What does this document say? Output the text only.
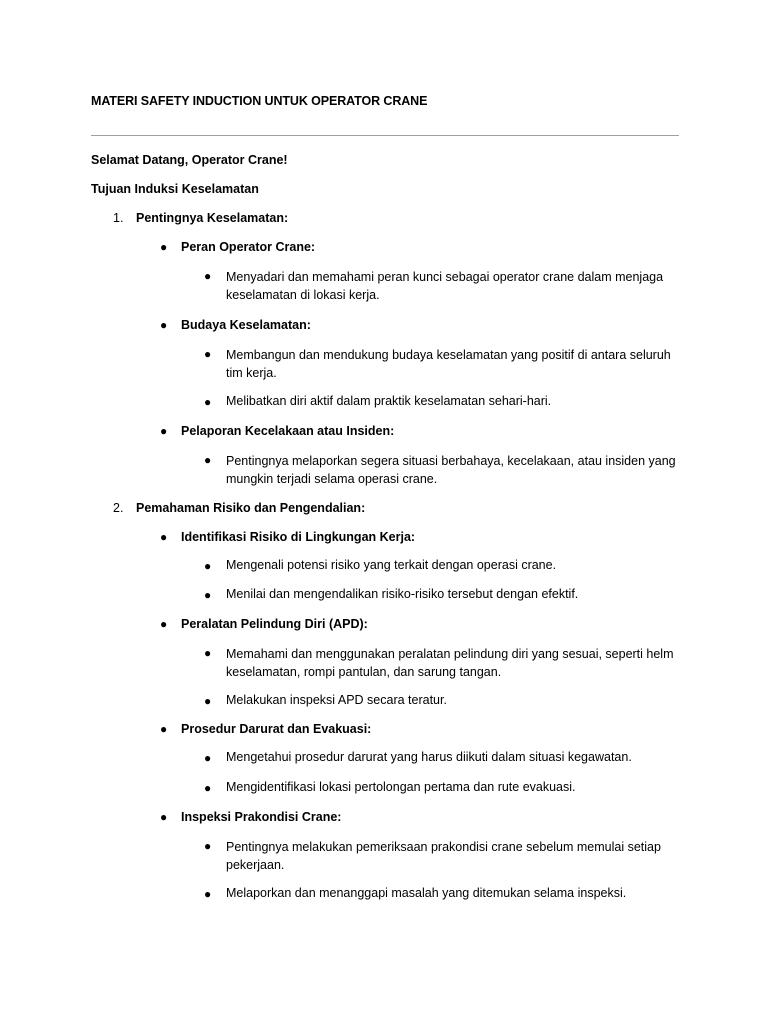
MATERI SAFETY INDUCTION UNTUK OPERATOR CRANE
Selamat Datang, Operator Crane!
Tujuan Induksi Keselamatan
1.	Pentingnya Keselamatan:
● Peran Operator Crane:
● Menyadari dan memahami peran kunci sebagai operator crane dalam menjaga keselamatan di lokasi kerja.
● Budaya Keselamatan:
● Membangun dan mendukung budaya keselamatan yang positif di antara seluruh tim kerja.
● Melibatkan diri aktif dalam praktik keselamatan sehari-hari.
● Pelaporan Kecelakaan atau Insiden:
● Pentingnya melaporkan segera situasi berbahaya, kecelakaan, atau insiden yang mungkin terjadi selama operasi crane.
2.	Pemahaman Risiko dan Pengendalian:
● Identifikasi Risiko di Lingkungan Kerja:
● Mengenali potensi risiko yang terkait dengan operasi crane.
● Menilai dan mengendalikan risiko-risiko tersebut dengan efektif.
● Peralatan Pelindung Diri (APD):
● Memahami dan menggunakan peralatan pelindung diri yang sesuai, seperti helm keselamatan, rompi pantulan, dan sarung tangan.
● Melakukan inspeksi APD secara teratur.
● Prosedur Darurat dan Evakuasi:
● Mengetahui prosedur darurat yang harus diikuti dalam situasi kegawatan.
● Mengidentifikasi lokasi pertolongan pertama dan rute evakuasi.
● Inspeksi Prakondisi Crane:
● Pentingnya melakukan pemeriksaan prakondisi crane sebelum memulai setiap pekerjaan.
● Melaporkan dan menanggapi masalah yang ditemukan selama inspeksi.
